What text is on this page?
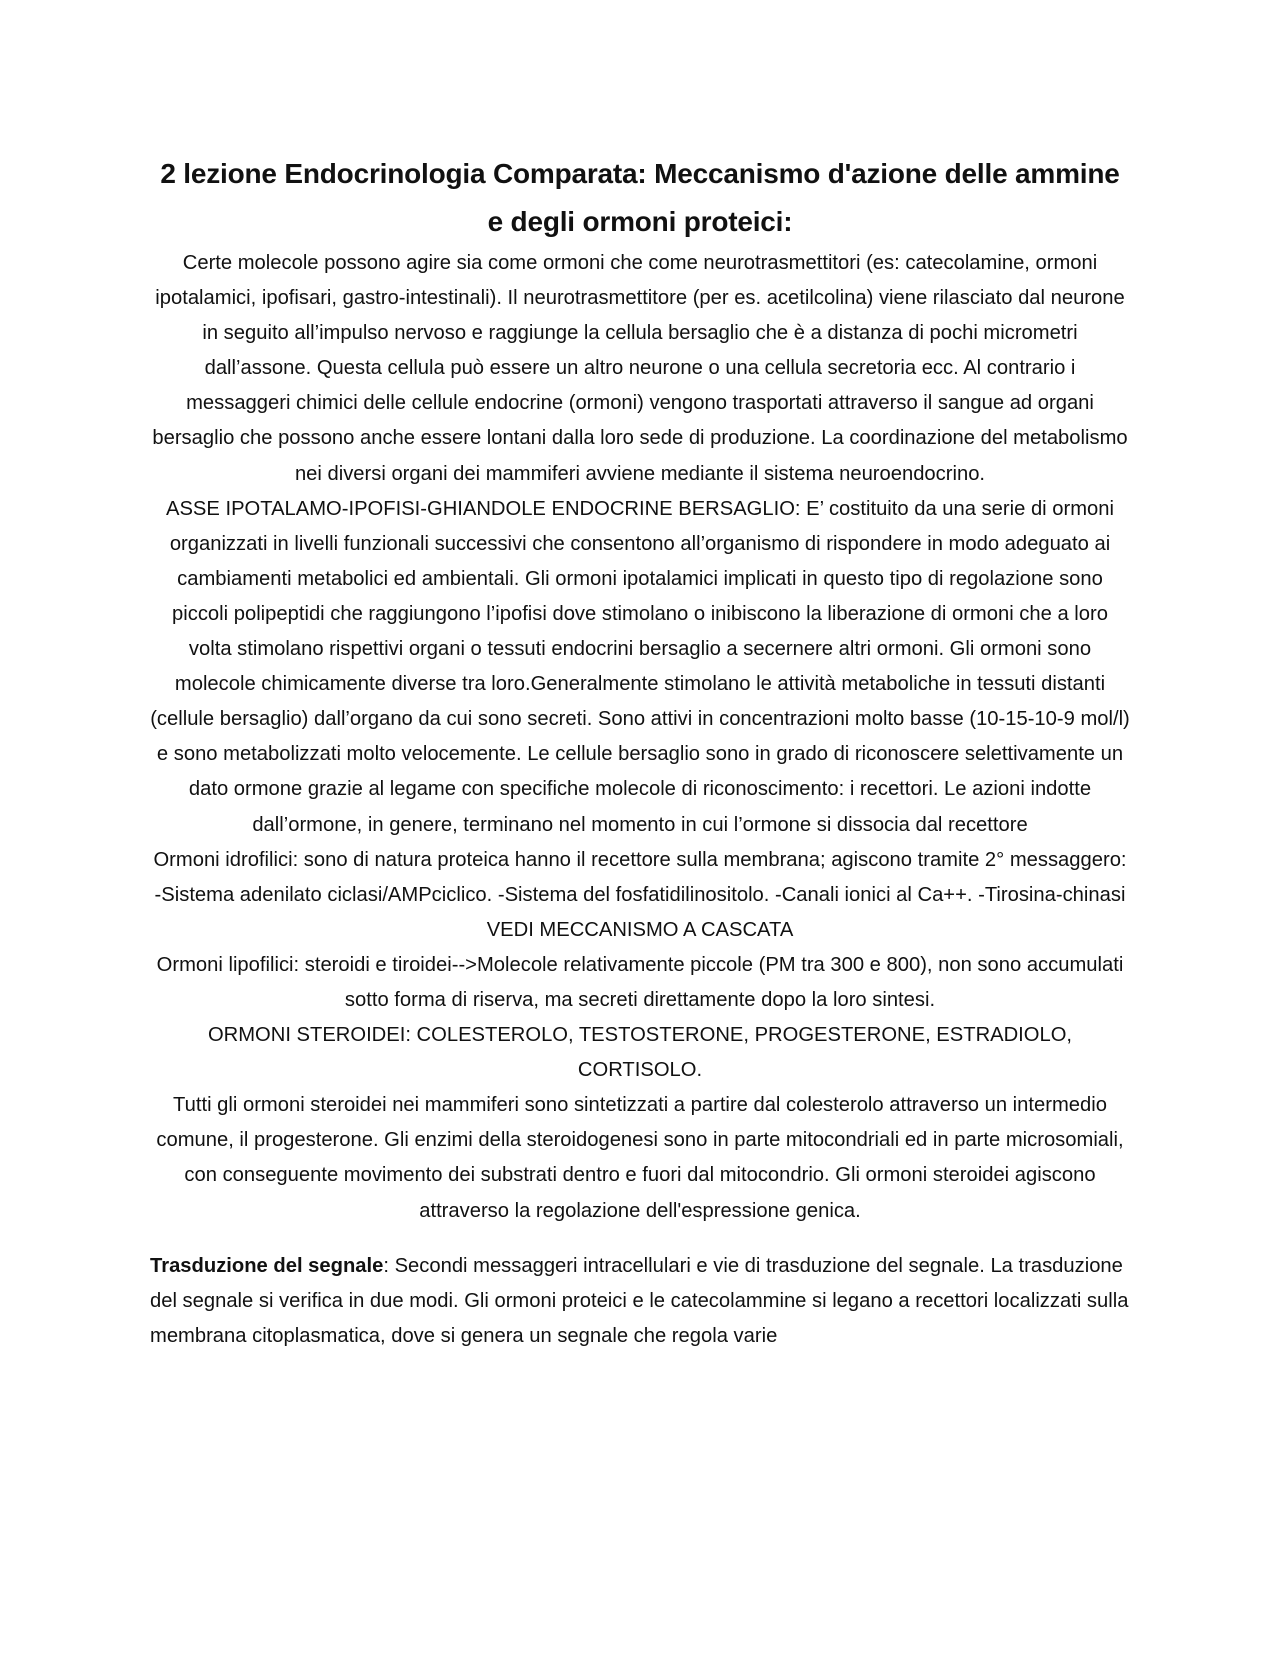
2 lezione Endocrinologia Comparata: Meccanismo d'azione delle ammine e degli ormoni proteici:

Certe molecole possono agire sia come ormoni che come neurotrasmettitori (es: catecolamine, ormoni ipotalamici, ipofisari, gastro-intestinali). Il neurotrasmettitore (per es. acetilcolina) viene rilasciato dal neurone in seguito all’impulso nervoso e raggiunge la cellula bersaglio che è a distanza di pochi micrometri dall’assone. Questa cellula può essere un altro neurone o una cellula secretoria ecc. Al contrario i messaggeri chimici delle cellule endocrine (ormoni) vengono trasportati attraverso il sangue ad organi bersaglio che possono anche essere lontani dalla loro sede di produzione. La coordinazione del metabolismo nei diversi organi dei mammiferi avviene mediante il sistema neuroendocrino.

ASSE IPOTALAMO-IPOFISI-GHIANDOLE ENDOCRINE BERSAGLIO: E’ costituito da una serie di ormoni organizzati in livelli funzionali successivi che consentono all’organismo di rispondere in modo adeguato ai cambiamenti metabolici ed ambientali. Gli ormoni ipotalamici implicati in questo tipo di regolazione sono piccoli polipeptidi che raggiungono l’ipofisi dove stimolano o inibiscono la liberazione di ormoni che a loro volta stimolano rispettivi organi o tessuti endocrini bersaglio a secernere altri ormoni. Gli ormoni sono molecole chimicamente diverse tra loro.Generalmente stimolano le attività metaboliche in tessuti distanti (cellule bersaglio) dall’organo da cui sono secreti. Sono attivi in concentrazioni molto basse (10-15-10-9 mol/l) e sono metabolizzati molto velocemente. Le cellule bersaglio sono in grado di riconoscere selettivamente un dato ormone grazie al legame con specifiche molecole di riconoscimento: i recettori. Le azioni indotte dall’ormone, in genere, terminano nel momento in cui l’ormone si dissocia dal recettore

Ormoni idrofilici: sono di natura proteica hanno il recettore sulla membrana; agiscono tramite 2° messaggero: -Sistema adenilato ciclasi/AMPciclico. -Sistema del fosfatidilinositolo. -Canali ionici al Ca++. -Tirosina-chinasi

VEDI MECCANISMO A CASCATA

Ormoni lipofilici: steroidi e tiroidei-->Molecole relativamente piccole (PM tra 300 e 800), non sono accumulati sotto forma di riserva, ma secreti direttamente dopo la loro sintesi.

ORMONI STEROIDEI: COLESTEROLO, TESTOSTERONE, PROGESTERONE, ESTRADIOLO, CORTISOLO.

Tutti gli ormoni steroidei nei mammiferi sono sintetizzati a partire dal colesterolo attraverso un intermedio comune, il progesterone. Gli enzimi della steroidogenesi sono in parte mitocondriali ed in parte microsomiali, con conseguente movimento dei substrati dentro e fuori dal mitocondrio. Gli ormoni steroidei agiscono attraverso la regolazione dell'espressione genica.

Trasduzione del segnale: Secondi messaggeri intracellulari e vie di trasduzione del segnale. La trasduzione del segnale si verifica in due modi. Gli ormoni proteici e le catecolammine si legano a recettori localizzati sulla membrana citoplasmatica, dove si genera un segnale che regola varie
